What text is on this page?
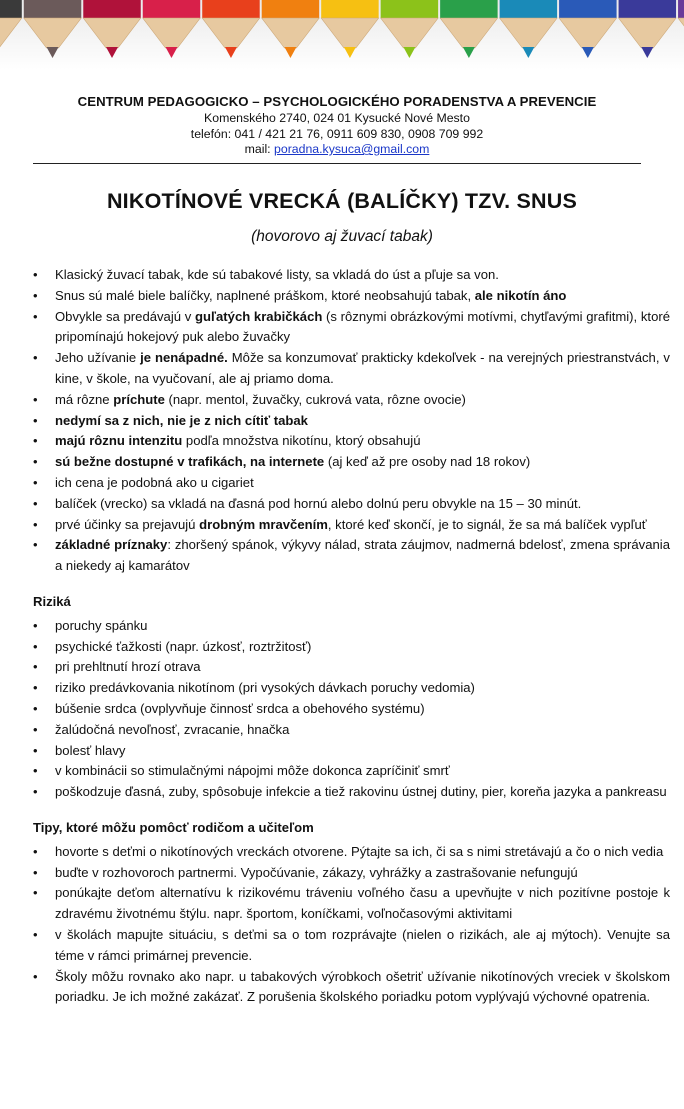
CENTRUM PEDAGOGICKO – PSYCHOLOGICKÉHO PORADENSTVA A PREVENCIE
Komenského 2740, 024 01 Kysucké Nové Mesto
telefón: 041 / 421 21 76, 0911 609 830, 0908 709 992
mail: poradna.kysuca@gmail.com
NIKOTÍNOVÉ VRECKÁ (BALÍČKY) TZV. SNUS
(hovorovo aj žuvací tabak)
• Klasický žuvací tabak, kde sú tabakové listy, sa vkladá do úst a pľuje sa von.
• Snus sú malé biele balíčky, naplnené práškom, ktoré neobsahujú tabak, ale nikotín áno
• Obvykle sa predávajú v guľatých krabičkách (s rôznymi obrázkovými motívmi, chytľavými grafitmi), ktoré pripomínajú hokejový puk alebo žuvačky
• Jeho užívanie je nenápadné. Môže sa konzumovať prakticky kdekoľvek - na verejných priestranstvách, v kine, v škole, na vyučovaní, ale aj priamo doma.
• má rôzne príchute (napr. mentol, žuvačky, cukrová vata, rôzne ovocie)
• nedymí sa z nich, nie je z nich cítiť tabak
• majú rôznu intenzitu podľa množstva nikotínu, ktorý obsahujú
• sú bežne dostupné v trafikách, na internete (aj keď až pre osoby nad 18 rokov)
• ich cena je podobná ako u cigariet
• balíček (vrecko) sa vkladá na ďasná pod hornú alebo dolnú peru obvykle na 15 – 30 minút.
• prvé účinky sa prejavujú drobným mravčením, ktoré keď skončí, je to signál, že sa má balíček vypľuť
• základné príznaky: zhoršený spánok, výkyvy nálad, strata záujmov, nadmerná bdelosť, zmena správania a niekedy aj kamarátov
Riziká
• poruchy spánku
• psychické ťažkosti (napr. úzkosť, roztržitosť)
• pri prehltnutí hrozí otrava
• riziko predávkovania nikotínom (pri vysokých dávkach poruchy vedomia)
• búšenie srdca (ovplyvňuje činnosť srdca a obehového systému)
• žalúdočná nevoľnosť, zvracanie, hnačka
• bolesť hlavy
• v kombinácii so stimulačnými nápojmi môže dokonca zapríčiniť smrť
• poškodzuje ďasná, zuby, spôsobuje infekcie a tiež rakovinu ústnej dutiny, pier, koreňa jazyka a pankreasu
Tipy, ktoré môžu pomôcť rodičom a učiteľom
• hovorte s deťmi o nikotínových vreckách otvorene. Pýtajte sa ich, či sa s nimi stretávajú a čo o nich vedia
• buďte v rozhovoroch partnermi. Vypočúvanie, zákazy, vyhrážky a zastrašovanie nefungujú
• ponúkajte deťom alternatívu k rizikovému tráveniu voľného času a upevňujte v nich pozitívne postoje k zdravému životnému štýlu. napr. športom, koníčkami, voľnočasovými aktivitami
• v školách mapujte situáciu, s deťmi sa o tom rozprávajte (nielen o rizikách, ale aj mýtoch). Venujte sa téme v rámci primárnej prevencie.
• Školy môžu rovnako ako napr. u tabakových výrobkoch ošetriť užívanie nikotínových vreciek v školskom poriadku. Je ich možné zakázať. Z porušenia školského poriadku potom vyplývajú výchovné opatrenia.
